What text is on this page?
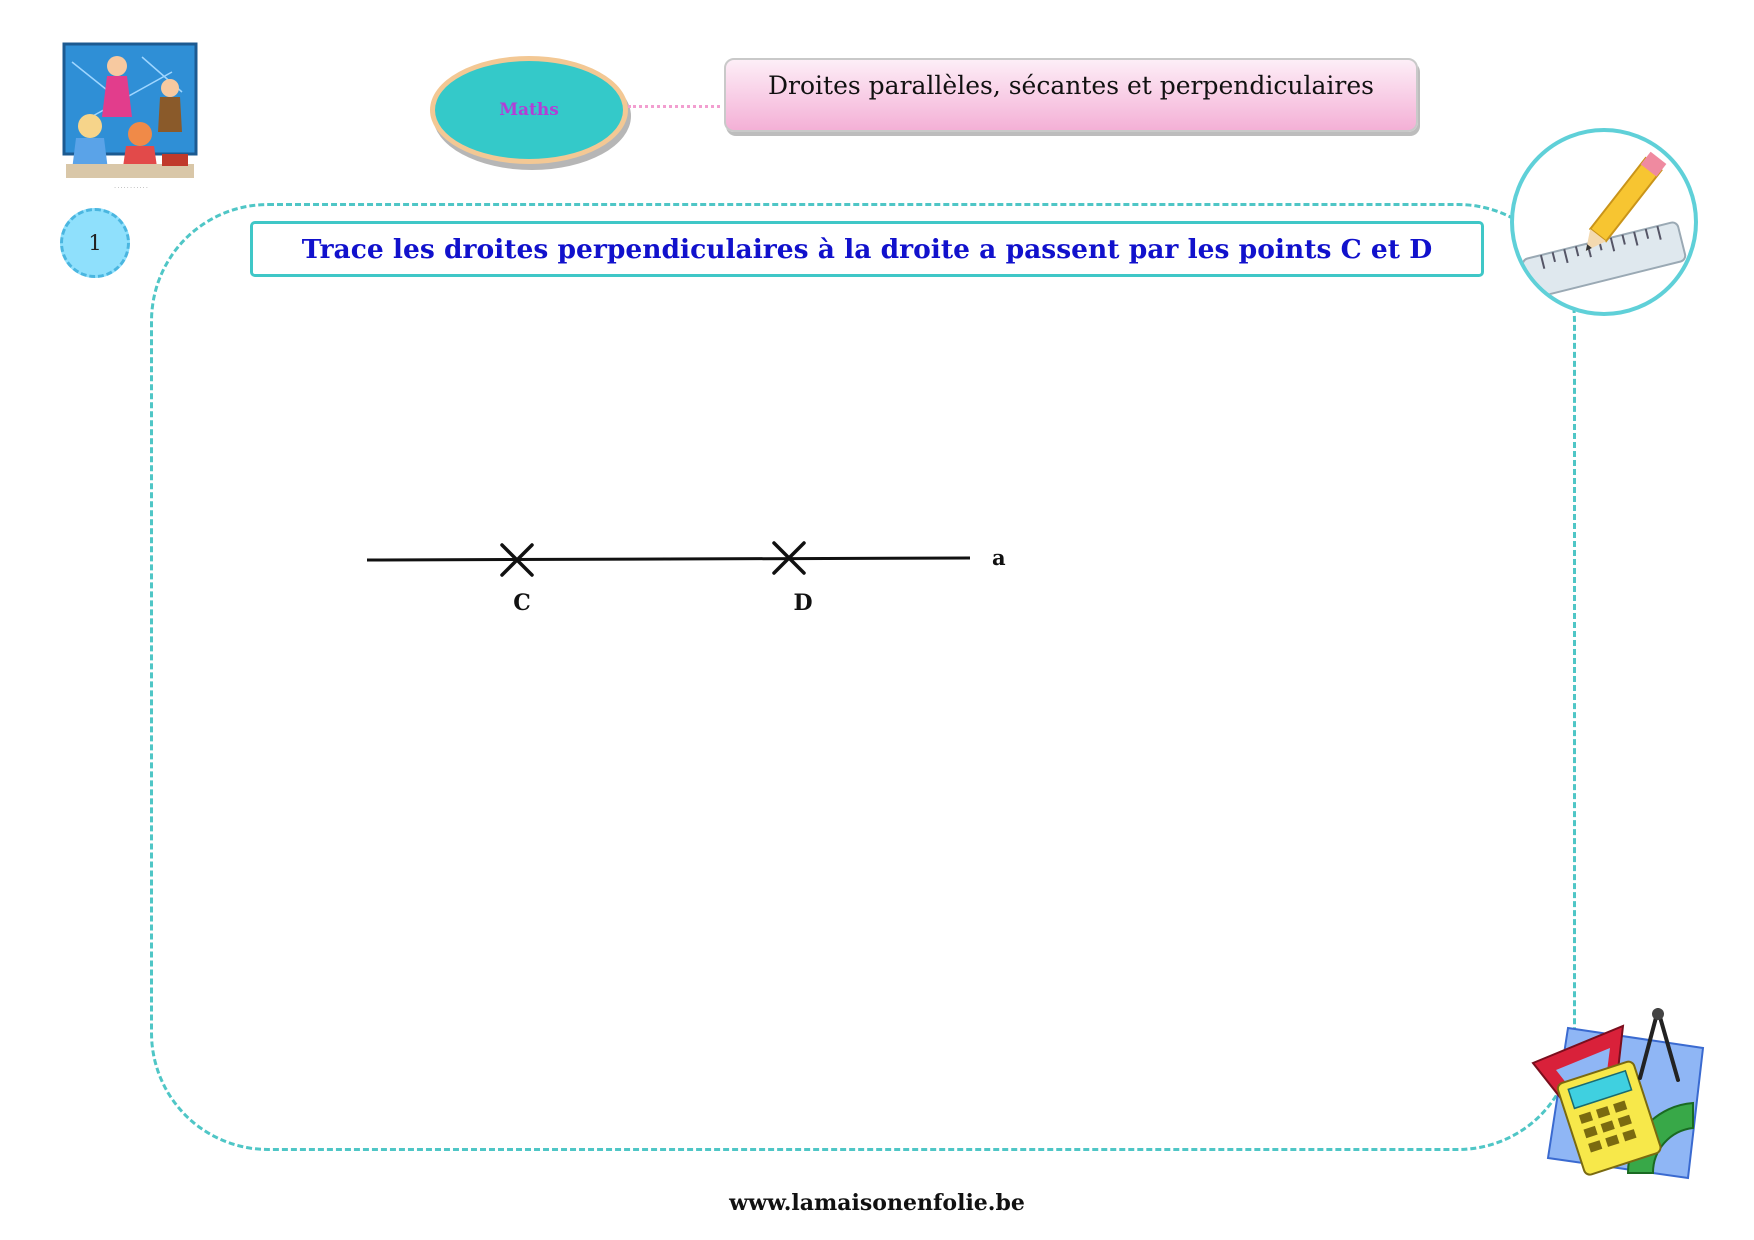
· · · · · · · · · · ·
Maths
Droites parallèles, sécantes et perpendiculaires
1	Trace les droites perpendiculaires à la droite a passent par les points C et D
a
C	D
www.lamaisonenfolie.be
